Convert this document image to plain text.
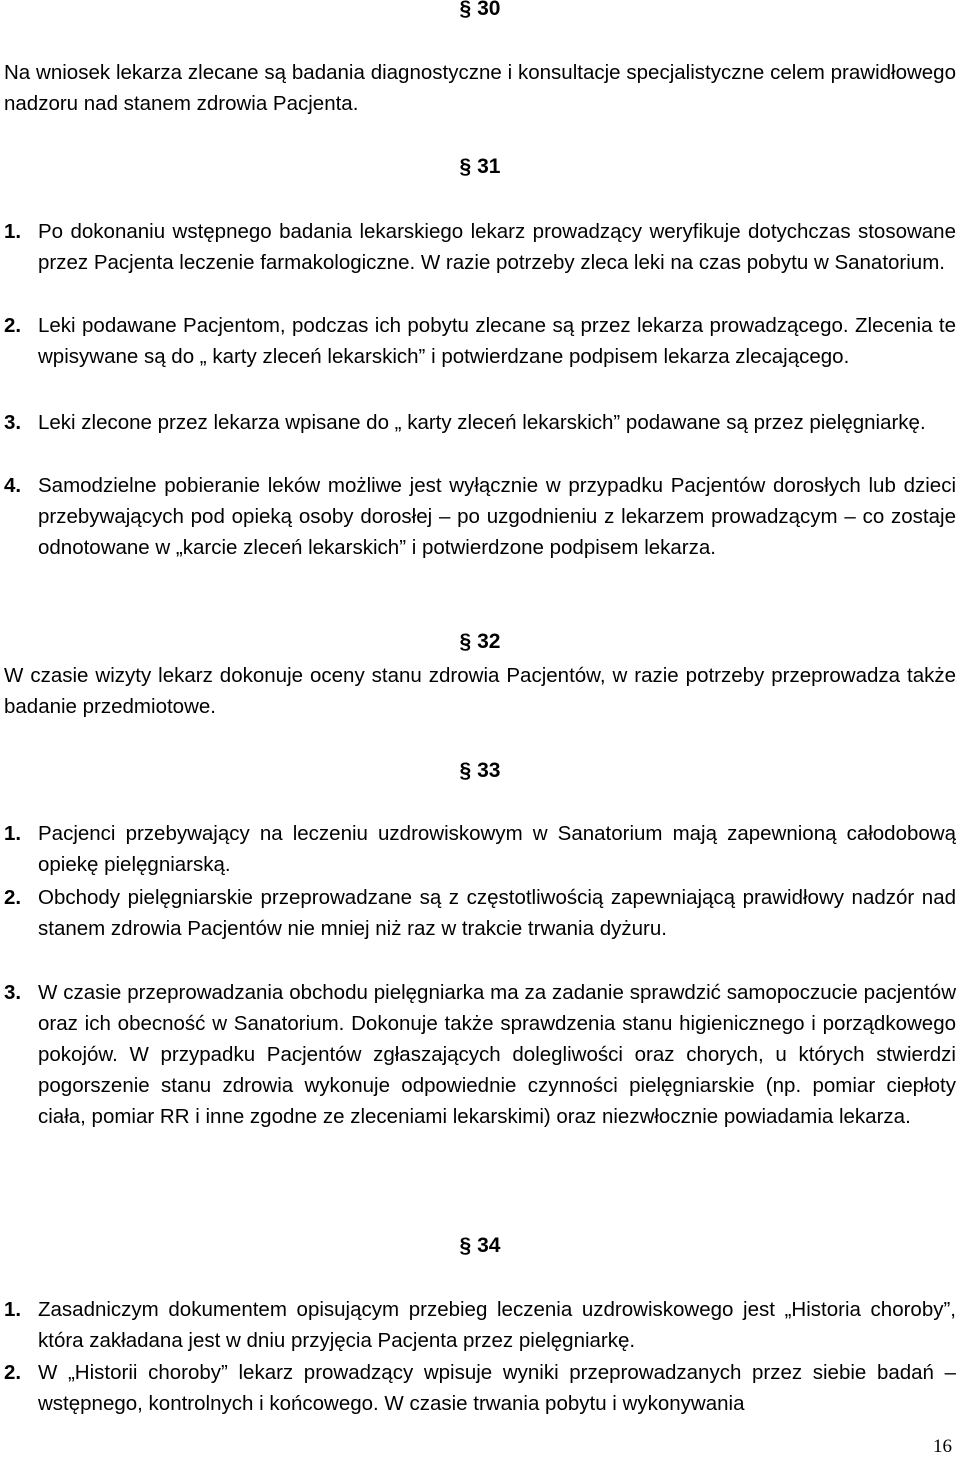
§ 30
Na wniosek lekarza zlecane są badania diagnostyczne i konsultacje specjalistyczne celem prawidłowego nadzoru nad stanem zdrowia Pacjenta.
§ 31
1. Po dokonaniu wstępnego badania lekarskiego lekarz prowadzący weryfikuje dotychczas stosowane przez Pacjenta leczenie farmakologiczne. W razie potrzeby zleca leki na czas pobytu w Sanatorium.
2. Leki podawane Pacjentom, podczas ich pobytu zlecane są przez lekarza prowadzącego. Zlecenia te wpisywane są do „ karty zleceń lekarskich” i potwierdzane podpisem lekarza zlecającego.
3. Leki zlecone przez lekarza wpisane do „ karty zleceń lekarskich” podawane są przez pielęgniarkę.
4. Samodzielne pobieranie leków możliwe jest wyłącznie w przypadku Pacjentów dorosłych lub dzieci przebywających pod opieką osoby dorosłej – po uzgodnieniu z lekarzem prowadzącym – co zostaje odnotowane w „karcie zleceń lekarskich” i potwierdzone podpisem lekarza.
§ 32
W czasie wizyty lekarz dokonuje oceny stanu zdrowia Pacjentów, w razie potrzeby przeprowadza także badanie przedmiotowe.
§ 33
1. Pacjenci przebywający na leczeniu uzdrowiskowym w Sanatorium mają zapewnioną całodobową opiekę pielęgniarską.
2. Obchody pielęgniarskie przeprowadzane są z częstotliwością zapewniającą prawidłowy nadzór nad stanem zdrowia Pacjentów nie mniej niż raz w trakcie trwania dyżuru.
3. W czasie przeprowadzania obchodu pielęgniarka ma za zadanie sprawdzić samopoczucie pacjentów oraz ich obecność w Sanatorium. Dokonuje także sprawdzenia stanu higienicznego i porządkowego pokojów. W przypadku Pacjentów zgłaszających dolegliwości oraz chorych, u których stwierdzi pogorszenie stanu zdrowia wykonuje odpowiednie czynności pielęgniarskie (np. pomiar ciepłoty ciała, pomiar RR i inne zgodne ze zleceniami lekarskimi) oraz niezwłocznie powiadamia lekarza.
§ 34
1. Zasadniczym dokumentem opisującym przebieg leczenia uzdrowiskowego jest „Historia choroby”, która zakładana jest w dniu przyjęcia Pacjenta przez pielęgniarkę.
2. W „Historii choroby” lekarz prowadzący wpisuje wyniki przeprowadzanych przez siebie badań – wstępnego, kontrolnych i końcowego. W czasie trwania pobytu i wykonywania
16
